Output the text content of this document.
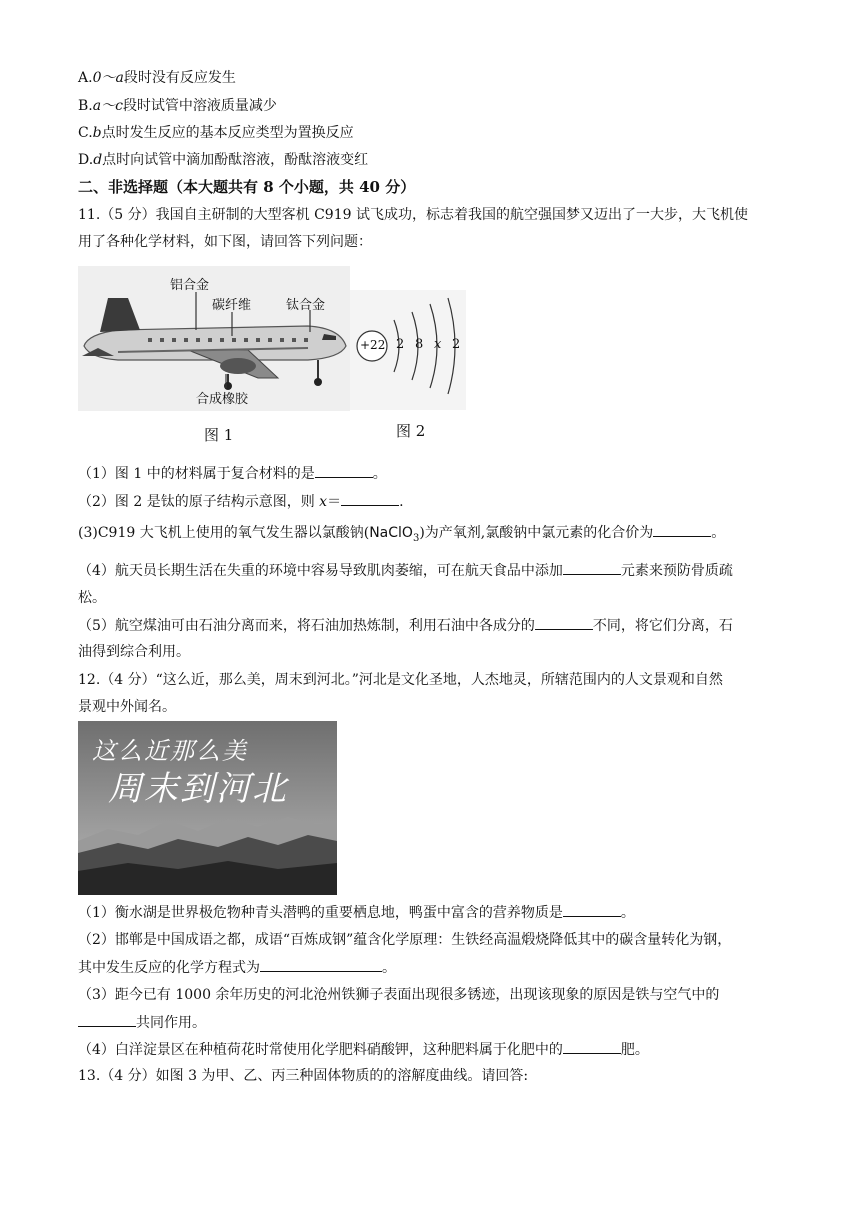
A.0～a段时没有反应发生
B.a～c段时试管中溶液质量减少
C.b点时发生反应的基本反应类型为置换反应
D.d点时向试管中滴加酚酞溶液，酚酞溶液变红
二、非选择题（本大题共有 8 个小题，共 40 分）
11.（5 分）我国自主研制的大型客机 C919 试飞成功，标志着我国的航空强国梦又迈出了一大步，大飞机使
用了各种化学材料，如下图，请回答下列问题：
铝合金
碳纤维	钛合金
合成橡胶
+22 2 8 x 2
图 1	图 2
（1）图 1 中的材料属于复合材料的是	。
（2）图 2 是钛的原子结构示意图，则 x＝	.
(3)C919 大飞机上使用的氧气发生器以氯酸钠(NaClO$_3$)为产氧剂,氯酸钠中氯元素的化合价为	。
（4）航天员长期生活在失重的环境中容易导致肌肉萎缩，可在航天食品中添加	元素来预防骨质疏
松。
（5）航空煤油可由石油分离而来，将石油加热炼制，利用石油中各成分的	不同，将它们分离，石
油得到综合利用。
12.（4 分）“这么近，那么美，周末到河北。”河北是文化圣地，人杰地灵，所辖范围内的人文景观和自然
景观中外闻名。
这么近那么美
周末到河北
（1）衡水湖是世界极危物种青头潜鸭的重要栖息地，鸭蛋中富含的营养物质是	。
（2）邯郸是中国成语之都，成语“百炼成钢”蕴含化学原理：生铁经高温煅烧降低其中的碳含量转化为钢，
其中发生反应的化学方程式为	。
（3）距今已有 1000 余年历史的河北沧州铁狮子表面出现很多锈迹，出现该现象的原因是铁与空气中的
共同作用。
（4）白洋淀景区在种植荷花时常使用化学肥料硝酸钾，这种肥料属于化肥中的	肥。
13.（4 分）如图 3 为甲、乙、丙三种固体物质的的溶解度曲线。请回答:
